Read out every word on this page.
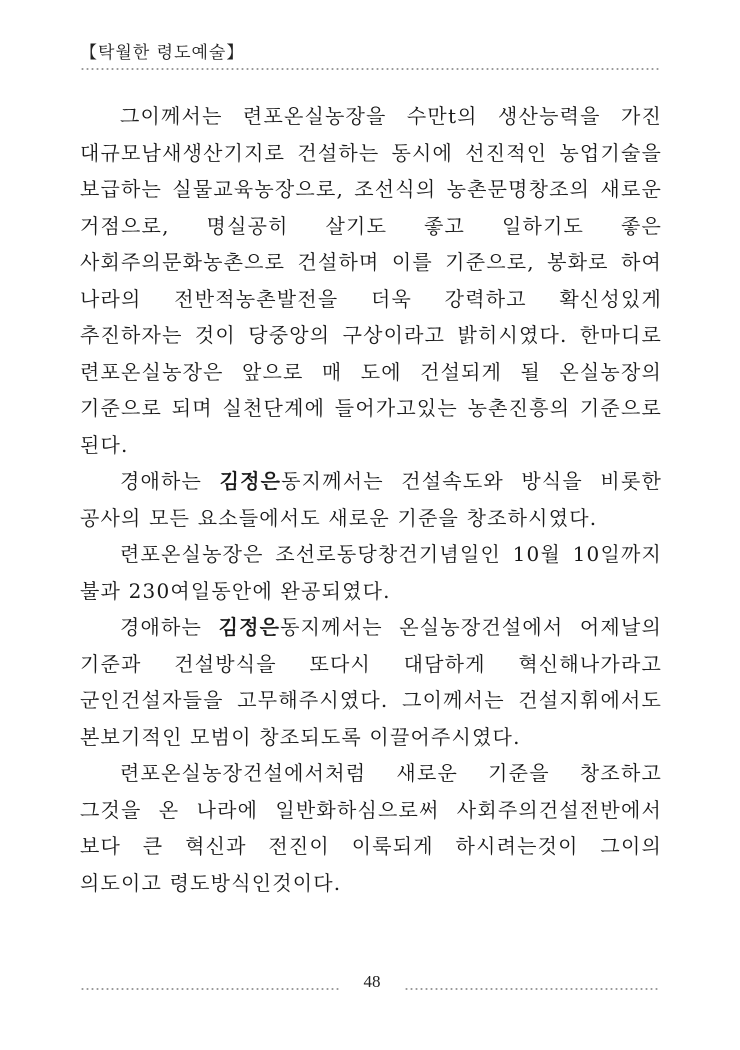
【탁월한 령도예술】

그이께서는 련포온실농장을 수만t의 생산능력을 가진 대규모남새생산기지로 건설하는 동시에 선진적인 농업기술을 보급하는 실물교육농장으로, 조선식의 농촌문명창조의 새로운 거점으로, 명실공히 살기도 좋고 일하기도 좋은 사회주의문화농촌으로 건설하며 이를 기준으로, 봉화로 하여 나라의 전반적농촌발전을 더욱 강력하고 확신성있게 추진하자는 것이 당중앙의 구상이라고 밝히시였다. 한마디로 련포온실농장은 앞으로 매 도에 건설되게 될 온실농장의 기준으로 되며 실천단계에 들어가고있는 농촌진흥의 기준으로 된다.

경애하는 김정은동지께서는 건설속도와 방식을 비롯한 공사의 모든 요소들에서도 새로운 기준을 창조하시였다.

련포온실농장은 조선로동당창건기념일인 10월 10일까지 불과 230여일동안에 완공되였다.

경애하는 김정은동지께서는 온실농장건설에서 어제날의 기준과 건설방식을 또다시 대담하게 혁신해나가라고 군인건설자들을 고무해주시였다. 그이께서는 건설지휘에서도 본보기적인 모범이 창조되도록 이끌어주시였다.

련포온실농장건설에서처럼 새로운 기준을 창조하고 그것을 온 나라에 일반화하심으로써 사회주의건설전반에서 보다 큰 혁신과 전진이 이룩되게 하시려는것이 그이의 의도이고 령도방식인것이다.

48
